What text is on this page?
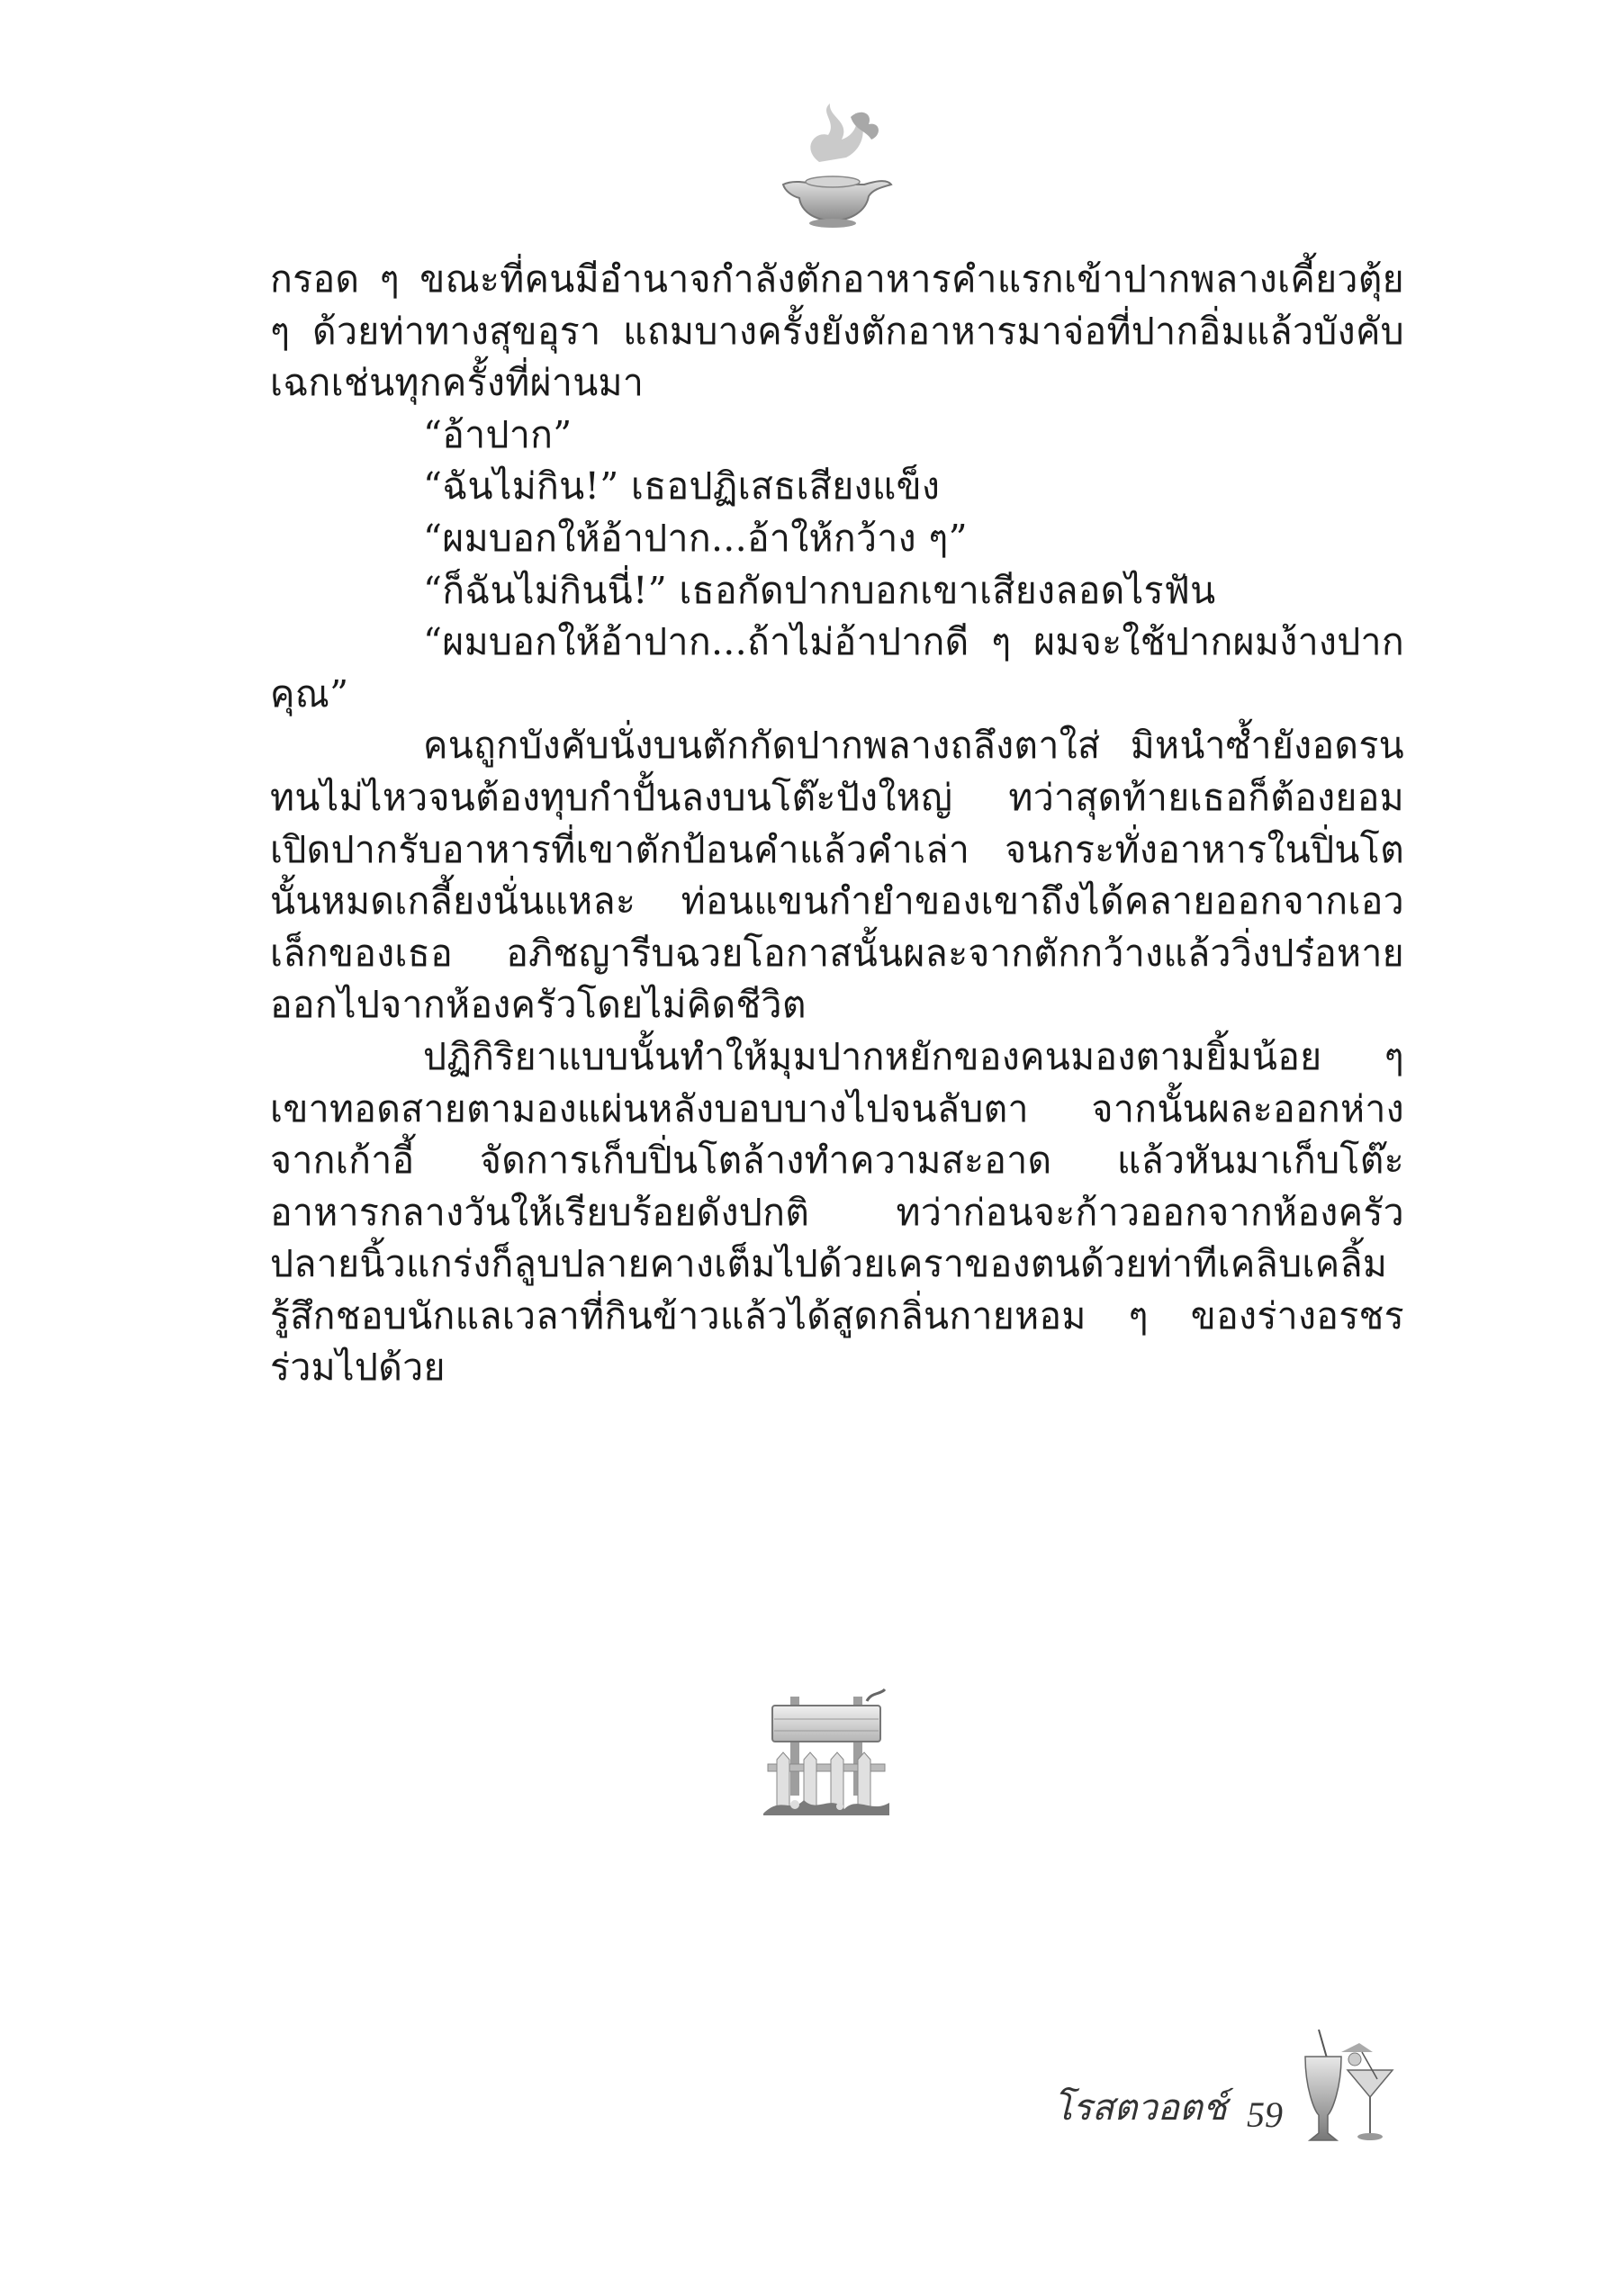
กรอด ๆ ขณะที่คนมีอำนาจกำลังตักอาหารคำแรกเข้าปากพลางเคี้ยวตุ้ย ๆ ด้วยท่าทางสุขอุรา แถมบางครั้งยังตักอาหารมาจ่อที่ปากอิ่มแล้วบังคับเฉกเช่นทุกครั้งที่ผ่านมา

“อ้าปาก”

“ฉันไม่กิน!” เธอปฏิเสธเสียงแข็ง

“ผมบอกให้อ้าปาก...อ้าให้กว้าง ๆ”

“ก็ฉันไม่กินนี่!” เธอกัดปากบอกเขาเสียงลอดไรฟัน

“ผมบอกให้อ้าปาก...ถ้าไม่อ้าปากดี ๆ ผมจะใช้ปากผมง้างปาก คุณ”

คนถูกบังคับนั่งบนตักกัดปากพลางถลึงตาใส่ มิหนำซ้ำยังอดรนทนไม่ไหวจนต้องทุบกำปั้นลงบนโต๊ะปังใหญ่ ทว่าสุดท้ายเธอก็ต้องยอมเปิดปากรับอาหารที่เขาตักป้อนคำแล้วคำเล่า จนกระทั่งอาหารในปิ่นโตนั้นหมดเกลี้ยงนั่นแหละ ท่อนแขนกำยำของเขาถึงได้คลายออกจากเอวเล็กของเธอ อภิชญารีบฉวยโอกาสนั้นผละจากตักกว้างแล้ววิ่งปร๋อหายออกไปจากห้องครัวโดยไม่คิดชีวิต

ปฏิกิริยาแบบนั้นทำให้มุมปากหยักของคนมองตามยิ้มน้อย ๆ เขาทอดสายตามองแผ่นหลังบอบบางไปจนลับตา จากนั้นผละออกห่างจากเก้าอี้ จัดการเก็บปิ่นโตล้างทำความสะอาด แล้วหันมาเก็บโต๊ะอาหารกลางวันให้เรียบร้อยดังปกติ ทว่าก่อนจะก้าวออกจากห้องครัว ปลายนิ้วแกร่งก็ลูบปลายคางเต็มไปด้วยเคราของตนด้วยท่าทีเคลิบเคลิ้ม รู้สึกชอบนักแลเวลาที่กินข้าวแล้วได้สูดกลิ่นกายหอม ๆ ของร่างอรชรร่วมไปด้วย

โรสตวอตช์ 59
